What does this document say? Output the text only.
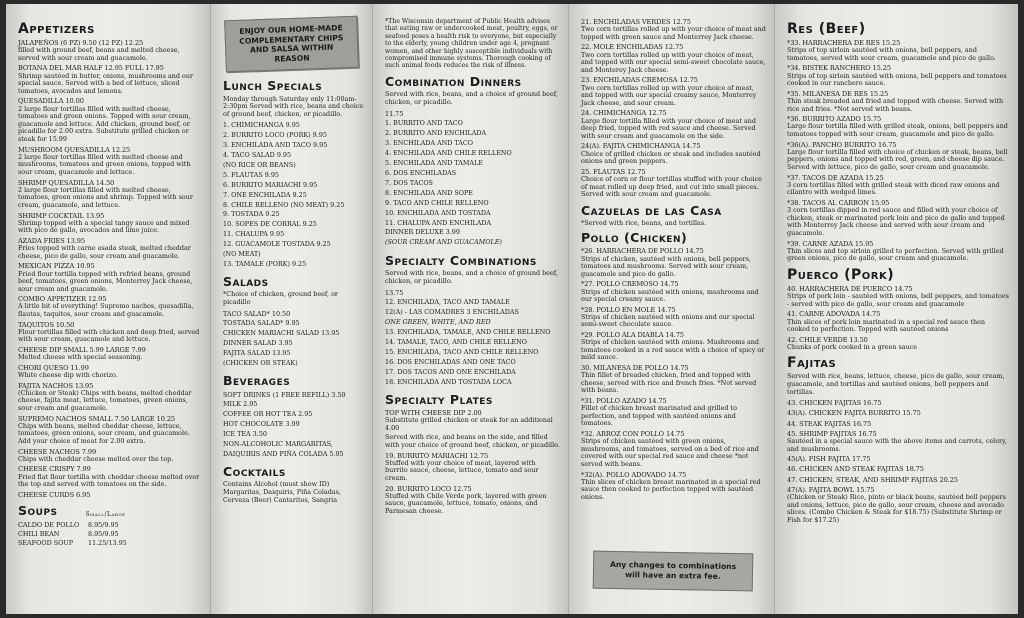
Appetizers
JALAPEÑOS (6 PZ) 9.50 (12 PZ) 12.25
filled with ground beef, beans and melted cheese, served with sour cream and guacamole.
BOTANA DEL MAR HALF 12.95 FULL 17.95
Shrimp sautéed in butter, onions, mushrooms and our special sauce. Served with a bed of lettuce, sliced tomatoes, avocados and lemons.
QUESADILLA 10.00
2 large flour tortillas filled with melted cheese, tomatoes and green onions. Topped with sour cream, guacamole and lettuce. Add chicken, ground beef, or picadillo for 2.00 extra. Substitute grilled chicken or steak for 15.99
MUSHROOM QUESADILLA 12.25
2 large flour tortillas filled with melted cheese and mushrooms, tomatoes and green onions, topped with sour cream, guacamole and lettuce.
SHRIMP QUESADILLA 14.50
2 large flour tortillas filled with melted cheese, tomatoes, green onions and shrimp. Topped with sour cream, guacamole, and lettuce.
SHRIMP COCKTAIL 13.95
Shrimp topped with a special tangy sauce and mixed with pico de gallo, avocados and lime juice.
AZADA FRIES 13.95
Fries topped with carne asada steak, melted cheddar cheese, pico de gallo, sour cream and guacamole.
MEXICAN PIZZA 10.95
Fried flour tortilla topped with refried beans, ground beef, tomatoes, green onions, Monterrey Jack cheese, sour cream and guacamole.
COMBO APPETIZER 12.95
A little bit of everything! Supremo nachos, quesadilla, flautas, taquitos, sour cream and guacamole.
TAQUITOS 10.50
Flour tortillas filled with chicken and deep fried, served with sour cream, guacamole and lettuce.
CHEESE DIP SMALL 5.99 LARGE 7.99
Melted cheese with special seasoning.
CHORI QUESO 11.99
White cheese dip with chorizo.
FAJITA NACHOS 13.95
(Chicken or Steak) Chips with beans, melted cheddar cheese, fajita meat, lettuce, tomatoes, green onions, sour cream and guacamole.
SUPREMO NACHOS SMALL 7.50 LARGE 10.25
Chips with beans, melted cheddar cheese, lettuce, tomatoes, green onions, sour cream, and guacamole. Add your choice of meat for 2.00 extra.
CHEESE NACHOS 7.99
Chips with cheddar cheese melted over the top.
CHEESE CRISPY 7.99
Fried flat flour tortilla with cheddar cheese melted over the top and served with tomatoes on the side.
CHEESE CURDS 6.95
Soups	Small/Large
CALDO DE POLLO	8.95/9.95
CHILI BEAN	8.95/9.95
SEAFOOD SOUP	11.25/13.95
ENJOY OUR HOME-MADE COMPLEMENTARY CHIPS AND SALSA WITHIN REASON
Lunch Specials
Monday through Saturday only 11:00am-2:30pm Served with rice, beans and choice of ground beef, chicken, or picadillo.
1. CHIMICHANGA 9.95
2. BURRITO LOCO (PORK) 9.95
3. ENCHILADA AND TACO 9.95
4. TACO SALAD 9.95
(NO RICE OR BEANS)
5. FLAUTAS 9.95
6. BURRITO MARIACHI 9.95
7. ONE ENCHILADA 9.25
8. CHILE RELLENO (NO MEAT) 9.25
9. TOSTADA 9.25
10. SOPES DE CORRAL 9.25
11. CHALUPA 9.95
12. GUACAMOLE TOSTADA 9.25
(NO MEAT)
13. TAMALE (PORK) 9.25
Salads
*Choice of chicken, ground beef, or picadillo
TACO SALAD* 10.50
TOSTADA SALAD* 9.95
CHICKEN MARIACHI SALAD 13.95
DINNER SALAD 3.95
FAJITA SALAD 13.95
(CHICKEN OR STEAK)
Beverages
SOFT DRINKS (1 FREE REFILL) 3.50
MILK 2.95
COFFEE OR HOT TEA 2.95
HOT CHOCOLATE 3.99
ICE TEA 3.50
NON-ALCOHOLIC MARGARITAS,
DAIQUIRIS AND PIÑA COLADA 5.95
Cocktails
Contains Alcohol (must show ID) Margaritas, Daiquiris, Piña Coladas, Cerveza (Beer) Cantaritos, Sangria
*The Wisconsin department of Public Health advises that eating raw or undercooked meat, poultry, eggs, or seafood poses a health risk to everyone, but especially to the elderly, young children under age 4, pregnant women, and other highly susceptible individuals with compromised immune systems. Thorough cooking of such animal foods reduces the risk of illness.
Combination Dinners
Served with rice, beans, and a choice of ground beef, chicken, or picadillo.
11.75
1. BURRITO AND TACO
2. BURRITO AND ENCHILADA
3. ENCHILADA AND TACO
4. ENCHILADA AND CHILE RELLENO
5. ENCHILADA AND TAMALE
6. DOS ENCHILADAS
7. DOS TACOS
8. ENCHILADA AND SOPE
9. TACO AND CHILE RELLENO
10. ENCHILADA AND TOSTADA
11. CHALUPA AND ENCHILADA
DINNER DELUXE 3.99
(SOUR CREAM AND GUACAMOLE)
Specialty Combinations
Served with rice, beans, and a choice of ground beef, chicken, or picadillo.
13.75
12. ENCHILADA, TACO AND TAMALE
12(A) - LAS COMADRES 3 ENCHILADAS
ONE GREEN, WHITE, AND RED
13. ENCHILADA, TAMALE, AND CHILE RELLENO
14. TAMALE, TACO, AND CHILE RELLENO
15. ENCHILADA, TACO AND CHILE RELLENO
16. DOS ENCHILADAS AND ONE TACO
17. DOS TACOS AND ONE ENCHILADA
18. ENCHILADA AND TOSTADA LOCA
Specialty Plates
TOP WITH CHEESE DIP 2.00
Substitute grilled chicken or steak for an additional 4.00
Served with rice, and beans on the side, and filled with your choice of ground beef, chicken, or picadillo.
19. BURRITO MARIACHI 12.75
Stuffed with your choice of meat, layered with burrito sauce, cheese, lettuce, tomato and sour cream.
20. BURRITO LOCO 12.75
Stuffed with Chile Verde pork, layered with green sauce, guacamole, lettuce, tomato, onions, and Parmesan cheese.
21. ENCHILADAS VERDES 12.75
Two corn tortillas rolled up with your choice of meat and topped with green sauce and Monterrey Jack cheese.
22. MOLE ENCHILADAS 12.75
Two corn tortillas rolled up with your choice of meat, and topped with our special semi-sweet chocolate sauce, and Monterey Jack cheese.
23. ENCHILADAS CREMOSA 12.75
Two corn tortillas rolled up with your choice of meat, and topped with our special creamy sauce, Monterrey Jack cheese, and sour cream.
24. CHIMICHANGA 12.75
Large flour tortilla filled with your choice of meat and deep fried, topped with red sauce and cheese. Served with sour cream and guacamole on the side.
24(A). FAJITA CHIMICHANGA 14.75
Choice of grilled chicken or steak and includes sautéed onions and green peppers.
25. FLAUTAS 12.75
Choice of corn or flour tortillas stuffed with your choice of meat rolled up deep fried, and cut into small pieces. Served with sour cream and guacamole.
Cazuelas de las Casa
*Served with rice, beans, and tortillas.
Pollo (Chicken)
*26. HARRACHERA DE POLLO 14.75
Strips of chicken, sautéed with onions, bell peppers, tomatoes and mushrooms. Served with sour cream, guacamole and pico de gallo.
*27. POLLO CREMOSO 14.75
Strips of chicken sautéed with onions, mushrooms and our special creamy sauce.
*28. POLLO EN MOLE 14.75
Strips of chicken sautéed with onions and our special semi-sweet chocolate sauce.
*29. POLLO ALA DIABLA 14.75
Strips of chicken sautéed with onions. Mushrooms and tomatoes cooked in a red sauce with a choice of spicy or mild sauce.
30. MILANESA DE POLLO 14.75
Thin fillet of breaded chicken, fried and topped with cheese, served with rice and french fries. *Not served with beans.
*31. POLLO AZADO 14.75
Fillet of chicken breast marinated and grilled to perfection, and topped with sautéed onions and tomatoes.
*32. ARROZ CON POLLO 14.75
Strips of chicken sautéed with green onions, mushrooms, and tomatoes, served on a bed of rice and covered with our special red sauce and cheese *not served with beans.
*32(A). POLLO ADOVADO 14.75
Thin slices of chicken breast marinated in a special red sauce then cooked to perfection topped with sautéed onions.
Any changes to combinations will have an extra fee.
Res (Beef)
*33. HARRACHERA DE RES 15.25
Strips of top sirloin sautéed with onions, bell peppers, and tomatoes, served with sour cream, guacamole and pico de gallo.
*34. BISTEK RANCHERO 15.25
Strips of top sirloin sautéed with onions, bell peppers and tomatoes cooked in our ranchero sauce.
*35. MILANESA DE RES 15.25
Thin steak breaded and fried and topped with cheese. Served with rice and fries. *Not served with beans.
*36. BURRITO AZADO 15.75
Large flour tortilla filled with grilled steak, onions, bell peppers and tomatoes topped with sour cream, guacamole and pico de gallo.
*36(A). PANCHO BURRITO 16.75
Large flour tortilla filled with choice of chicken or steak, beans, bell peppers, onions and topped with red, green, and cheese dip sauce. Served with lettuce, pico de gallo, sour cream and guacamole.
*37. TACOS DE AZADA 15.25
3 corn tortillas filled with grilled steak with diced raw onions and cilantro with wedged limes.
*38. TACOS AL CARBON 15.95
3 corn tortillas dipped in red sauce and filled with your choice of chicken, steak or marinated pork loin and pico de gallo and topped with Monterrey Jack cheese and served with sour cream and guacamole.
*39. CARNE AZADA 15.95
Thin slices and top sirloin grilled to perfection. Served with grilled green onions, pico de gallo, sour cream and guacamole.
Puerco (Pork)
40. HARRACHERA DE PUERCO 14.75
Strips of pork loin - sautéed with onions, bell peppers, and tomatoes - served with pico de gallo, sour cream and guacamole
41. CARNE ADOVADA 14.75
Thin slices of pork loin marinated in a special red sauce then cooked to perfection. Topped with sautéed onions
42. CHILE VERDE 13.50
Chunks of pork cooked in a green sauce
Fajitas
Served with rice, beans, lettuce, cheese, pico de gallo, sour cream, guacamole, and tortillas and sautéed onions, bell peppers and tortillas.
43. CHICKEN FAJITAS 16.75
43(A). CHICKEN FAJITA BURRITO 15.75
44. STEAK FAJITAS 16.75
45. SHRIMP FAJITAS 16.75
Sautéed in a special sauce with the above items and carrots, celery, and mushrooms.
45(A). FISH FAJITA 17.75
46. CHICKEN AND STEAK FAJITAS 18.75
47. CHICKEN, STEAK, AND SHRIMP FAJITAS 20.25
47(A). FAJITA BOWL 15.75
(Chicken or Steak) Rice, pinto or black beans, sautéed bell peppers and onions, lettuce, pico de gallo, sour cream, cheese and avocado slices. (Combo Chicken & Steak for $18.75) (Substitute Shrimp or Fish for $17.25)
